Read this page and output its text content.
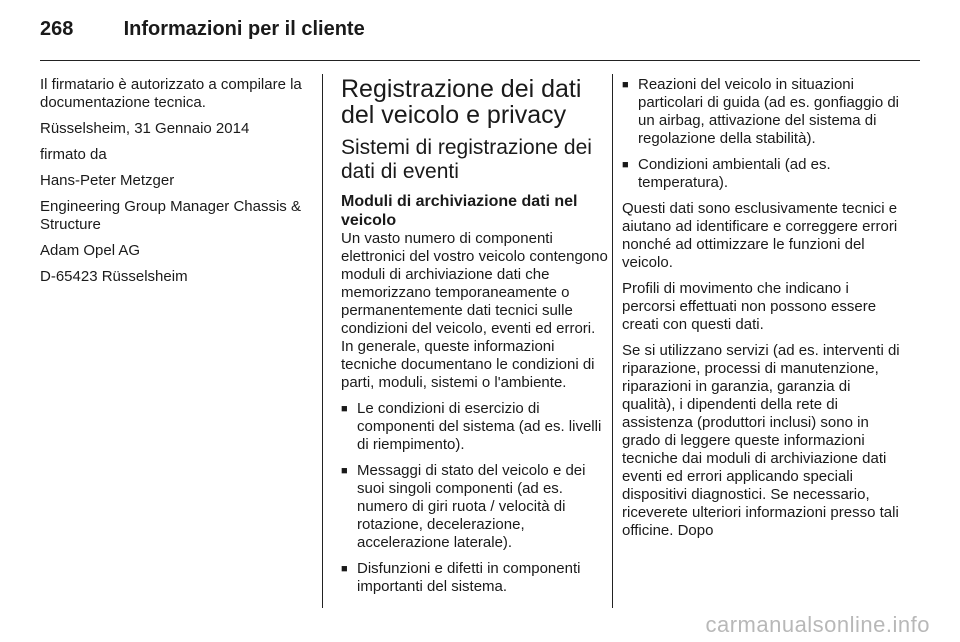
268	Informazioni per il cliente

Il firmatario è autorizzato a compilare la documentazione tecnica.

Rüsselsheim, 31 Gennaio 2014

firmato da

Hans-Peter Metzger

Engineering Group Manager Chassis & Structure

Adam Opel AG

D-65423 Rüsselsheim

Registrazione dei dati del veicolo e privacy
Sistemi di registrazione dei dati di eventi
Moduli di archiviazione dati nel veicolo

Un vasto numero di componenti elettronici del vostro veicolo contengono moduli di archiviazione dati che memorizzano temporaneamente o permanentemente dati tecnici sulle condizioni del veicolo, eventi ed errori. In generale, queste informazioni tecniche documentano le condizioni di parti, moduli, sistemi o l'ambiente.

■ Le condizioni di esercizio di componenti del sistema (ad es. livelli di riempimento).
■ Messaggi di stato del veicolo e dei suoi singoli componenti (ad es. numero di giri ruota / velocità di rotazione, decelerazione, accelerazione laterale).
■ Disfunzioni e difetti in componenti importanti del sistema.
■ Reazioni del veicolo in situazioni particolari di guida (ad es. gonfiaggio di un airbag, attivazione del sistema di regolazione della stabilità).
■ Condizioni ambientali (ad es. temperatura).

Questi dati sono esclusivamente tecnici e aiutano ad identificare e correggere errori nonché ad ottimizzare le funzioni del veicolo.

Profili di movimento che indicano i percorsi effettuati non possono essere creati con questi dati.

Se si utilizzano servizi (ad es. interventi di riparazione, processi di manutenzione, riparazioni in garanzia, garanzia di qualità), i dipendenti della rete di assistenza (produttori inclusi) sono in grado di leggere queste informazioni tecniche dai moduli di archiviazione dati eventi ed errori applicando speciali dispositivi diagnostici. Se necessario, riceverete ulteriori informazioni presso tali officine. Dopo

carmanualsonline.info
